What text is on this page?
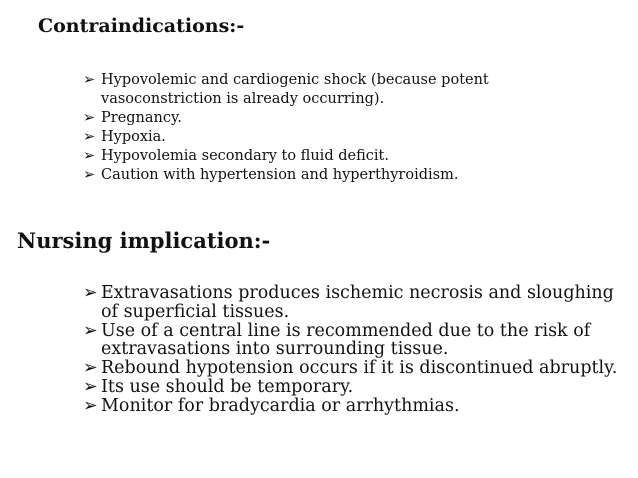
Contraindications:-
➢ Hypovolemic and cardiogenic shock (because potent vasoconstriction is already occurring).
➢ Pregnancy.
➢ Hypoxia.
➢ Hypovolemia secondary to fluid deficit.
➢ Caution with hypertension and hyperthyroidism.
Nursing implication:-
➢ Extravasations produces ischemic necrosis and sloughing of superficial tissues.
➢ Use of a central line is recommended due to the risk of extravasations into surrounding tissue.
➢ Rebound hypotension occurs if it is discontinued abruptly.
➢ Its use should be temporary.
➢ Monitor for bradycardia or arrhythmias.
